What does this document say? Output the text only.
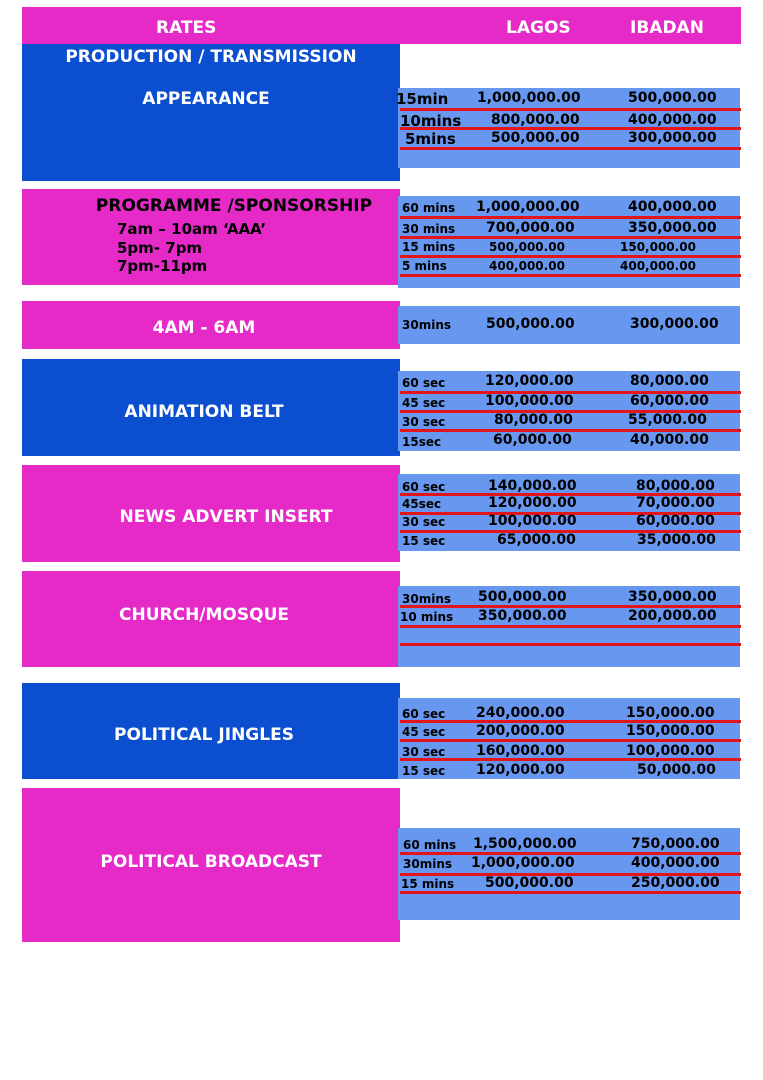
RATES	LAGOS	IBADAN
PRODUCTION / TRANSMISSION
APPEARANCE	15min 1,000,000.00	500,000.00
10mins 800,000.00	400,000.00
5mins	500,000.00	300,000.00
PROGRAMME /SPONSORSHIP
7am – 10am ‘AAA’
5pm- 7pm
7pm-11pm
60 mins 1,000,000.00	400,000.00
30 mins 700,000.00	350,000.00
15 mins	500,000.00	150,000.00
5 mins	400,000.00	400,000.00
4AM - 6AM	30mins 500,000.00	300,000.00
ANIMATION BELT
60 sec	120,000.00	80,000.00
45 sec	100,000.00	60,000.00
30 sec	80,000.00	55,000.00
15sec	60,000.00	40,000.00
NEWS ADVERT INSERT
60 sec	140,000.00	80,000.00
45sec	120,000.00	70,000.00
30 sec	100,000.00	60,000.00
15 sec	65,000.00	35,000.00
CHURCH/MOSQUE
30mins 500,000.00	350,000.00
10 mins 350,000.00	200,000.00
POLITICAL JINGLES
60 sec 240,000.00	150,000.00
45 sec 200,000.00	150,000.00
30 sec 160,000.00	100,000.00
15 sec 120,000.00	50,000.00
POLITICAL BROADCAST
60 mins 1,500,000.00	750,000.00
30mins 1,000,000.00	400,000.00
15 mins 500,000.00	250,000.00
